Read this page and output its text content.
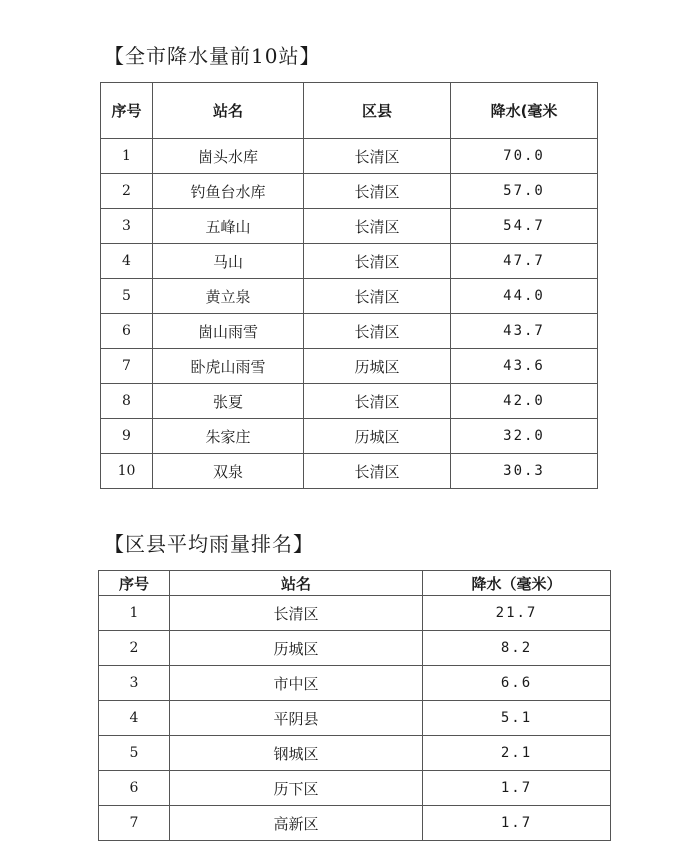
【全市降水量前10站】
序号	站名	区县	降水(毫米
1	崮头水库	长清区	70.0
2	钓鱼台水库	长清区	57.0
3	五峰山	长清区	54.7
4	马山	长清区	47.7
5	黄立泉	长清区	44.0
6	崮山雨雪	长清区	43.7
7	卧虎山雨雪	历城区	43.6
8	张夏	长清区	42.0
9	朱家庄	历城区	32.0
10	双泉	长清区	30.3
【区县平均雨量排名】
序号	站名	降水（毫米）
1	长清区	21.7
2	历城区	8.2
3	市中区	6.6
4	平阴县	5.1
5	钢城区	2.1
6	历下区	1.7
7	高新区	1.7
